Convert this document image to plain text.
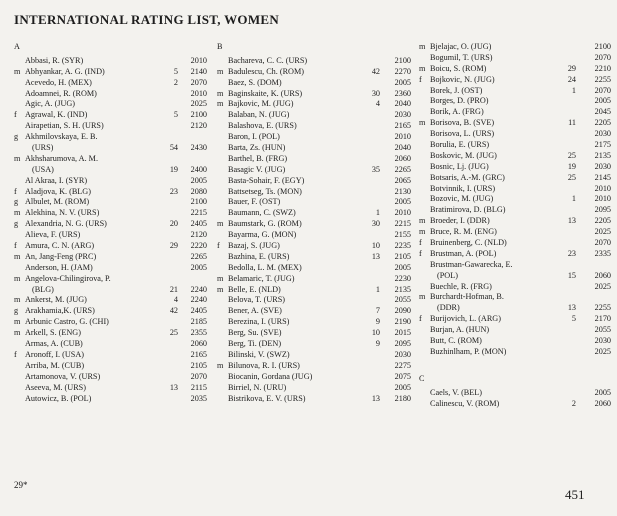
INTERNATIONAL RATING LIST, WOMEN
A
Abbasi, R. (SYR)	2010
m Abhyankar, A. G. (IND)	5	2140
Acevedo, H. (MEX)	2	2070
Adoamnei, R. (ROM)	2010
Agic, A. (JUG)	2025
f	Agrawal, K. (IND)	5	2100
Airapetian, S. H. (URS)	2120
g Akhmilovskaya, E. B.
(URS)	54	2430
m Akhsharumova, A. M.
(USA)	19	2400
Al Akraa, I. (SYR)	2005
f	Aladjova, K. (BLG)	23	2080
g Albulet, M. (ROM)	2100
m Alekhina, N. V. (URS)	2215
g Alexandria, N. G. (URS)	20	2405
Alieva, F. (URS)	2120
f	Amura, C. N. (ARG)	29	2220
m An, Jang-Feng (PRC)	2265
Anderson, H. (JAM)	2005
m Angelova-Chilingirova, P.
(BLG)	21	2240
m Ankerst, M. (JUG)	4	2240
g Arakhamia,K. (URS)	42	2405
m Arbunic Castro, G. (CHI)	2185
m Arkell, S. (ENG)	25	2355
Armas, A. (CUB)	2060
f	Aronoff, I. (USA)	2165
Arriba, M. (CUB)	2105
Artamonova, V. (URS)	2070
Aseeva, M. (URS)	13	2115
Autowicz, B. (POL)	2035
B
Bachareva, C. C. (URS)	2100
m Badulescu, Ch. (ROM)	42	2270
Baez, S. (DOM)	2005
m Baginskaite, K. (URS)	30	2360
m Bajkovic, M. (JUG)	4	2040
Balaban, N. (JUG)	2030
Balashova, E. (URS)	2165
Baron, I. (POL)	2010
Barta, Zs. (HUN)	2040
Barthel, B. (FRG)	2060
Basagic V. (JUG)	35	2265
Basta-Sohair, F. (EGY)	2065
Battsetseg, Ts. (MON)	2130
Bauer, F. (OST)	2005
Baumann, C. (SWZ)	1	2010
m Baumstark, G. (ROM)	30	2215
Bayarma, G. (MON)	2155
f	Bazaj, S. (JUG)	10	2235
Bazhina, E. (URS)	13	2105
Bedolla, L. M. (MEX)	2005
m Belamaric, T. (JUG)	2230
m Belle, E. (NLD)	1	2135
Belova, T. (URS)	2055
Bener, A. (SVE)	7	2090
Berezina, I. (URS)	9	2190
Berg, Su. (SVE)	10	2015
Berg, Ti. (DEN)	9	2095
Bilinski, V. (SWZ)	2030
m Bilunova, R. I. (URS)	2275
Biocanin, Gordana (JUG)	2075
Birriel, N. (URU)	2005
Bistrikova, E. V. (URS)	13	2180
m Bjelajac, O. (JUG)	2100
Bogumil, T. (URS)	2070
m Boicu, S. (ROM)	29	2210
f	Bojkovic, N. (JUG)	24	2255
Borek, J. (OST)	1	2070
Borges, D. (PRO)	2005
Borik, A. (FRG)	2045
m Borisova, B. (SVE)	11	2205
Borisova, L. (URS)	2030
Borulia, E. (URS)	2175
Boskovic, M. (JUG)	25	2135
Bosnic, Lj. (JUG)	19	2030
Botsaris, A.-M. (GRC)	25	2145
Botvinnik, I. (URS)	2010
Bozovic, M. (JUG)	1	2010
Bratimirova, D. (BLG)	2095
m Broeder, I. (DDR)	13	2205
m Bruce, R. M. (ENG)	2025
f	Bruinenberg, C. (NLD)	2070
f	Brustman, A. (POL)	23	2335
Brustman-Gawarecka, E.
(POL)	15	2060
Buechle, R. (FRG)	2025
m Burchardt-Hofman, B.
(DDR)	13	2255
f	Burijovich, L. (ARG)	5	2170
Burjan, A. (HUN)	2055
Butt, C. (ROM)	2030
Buzhinlham, P. (MON)	2025
C
Caels, V. (BEL)	2005
Calinescu, V. (ROM)	2	2060
29*
451
